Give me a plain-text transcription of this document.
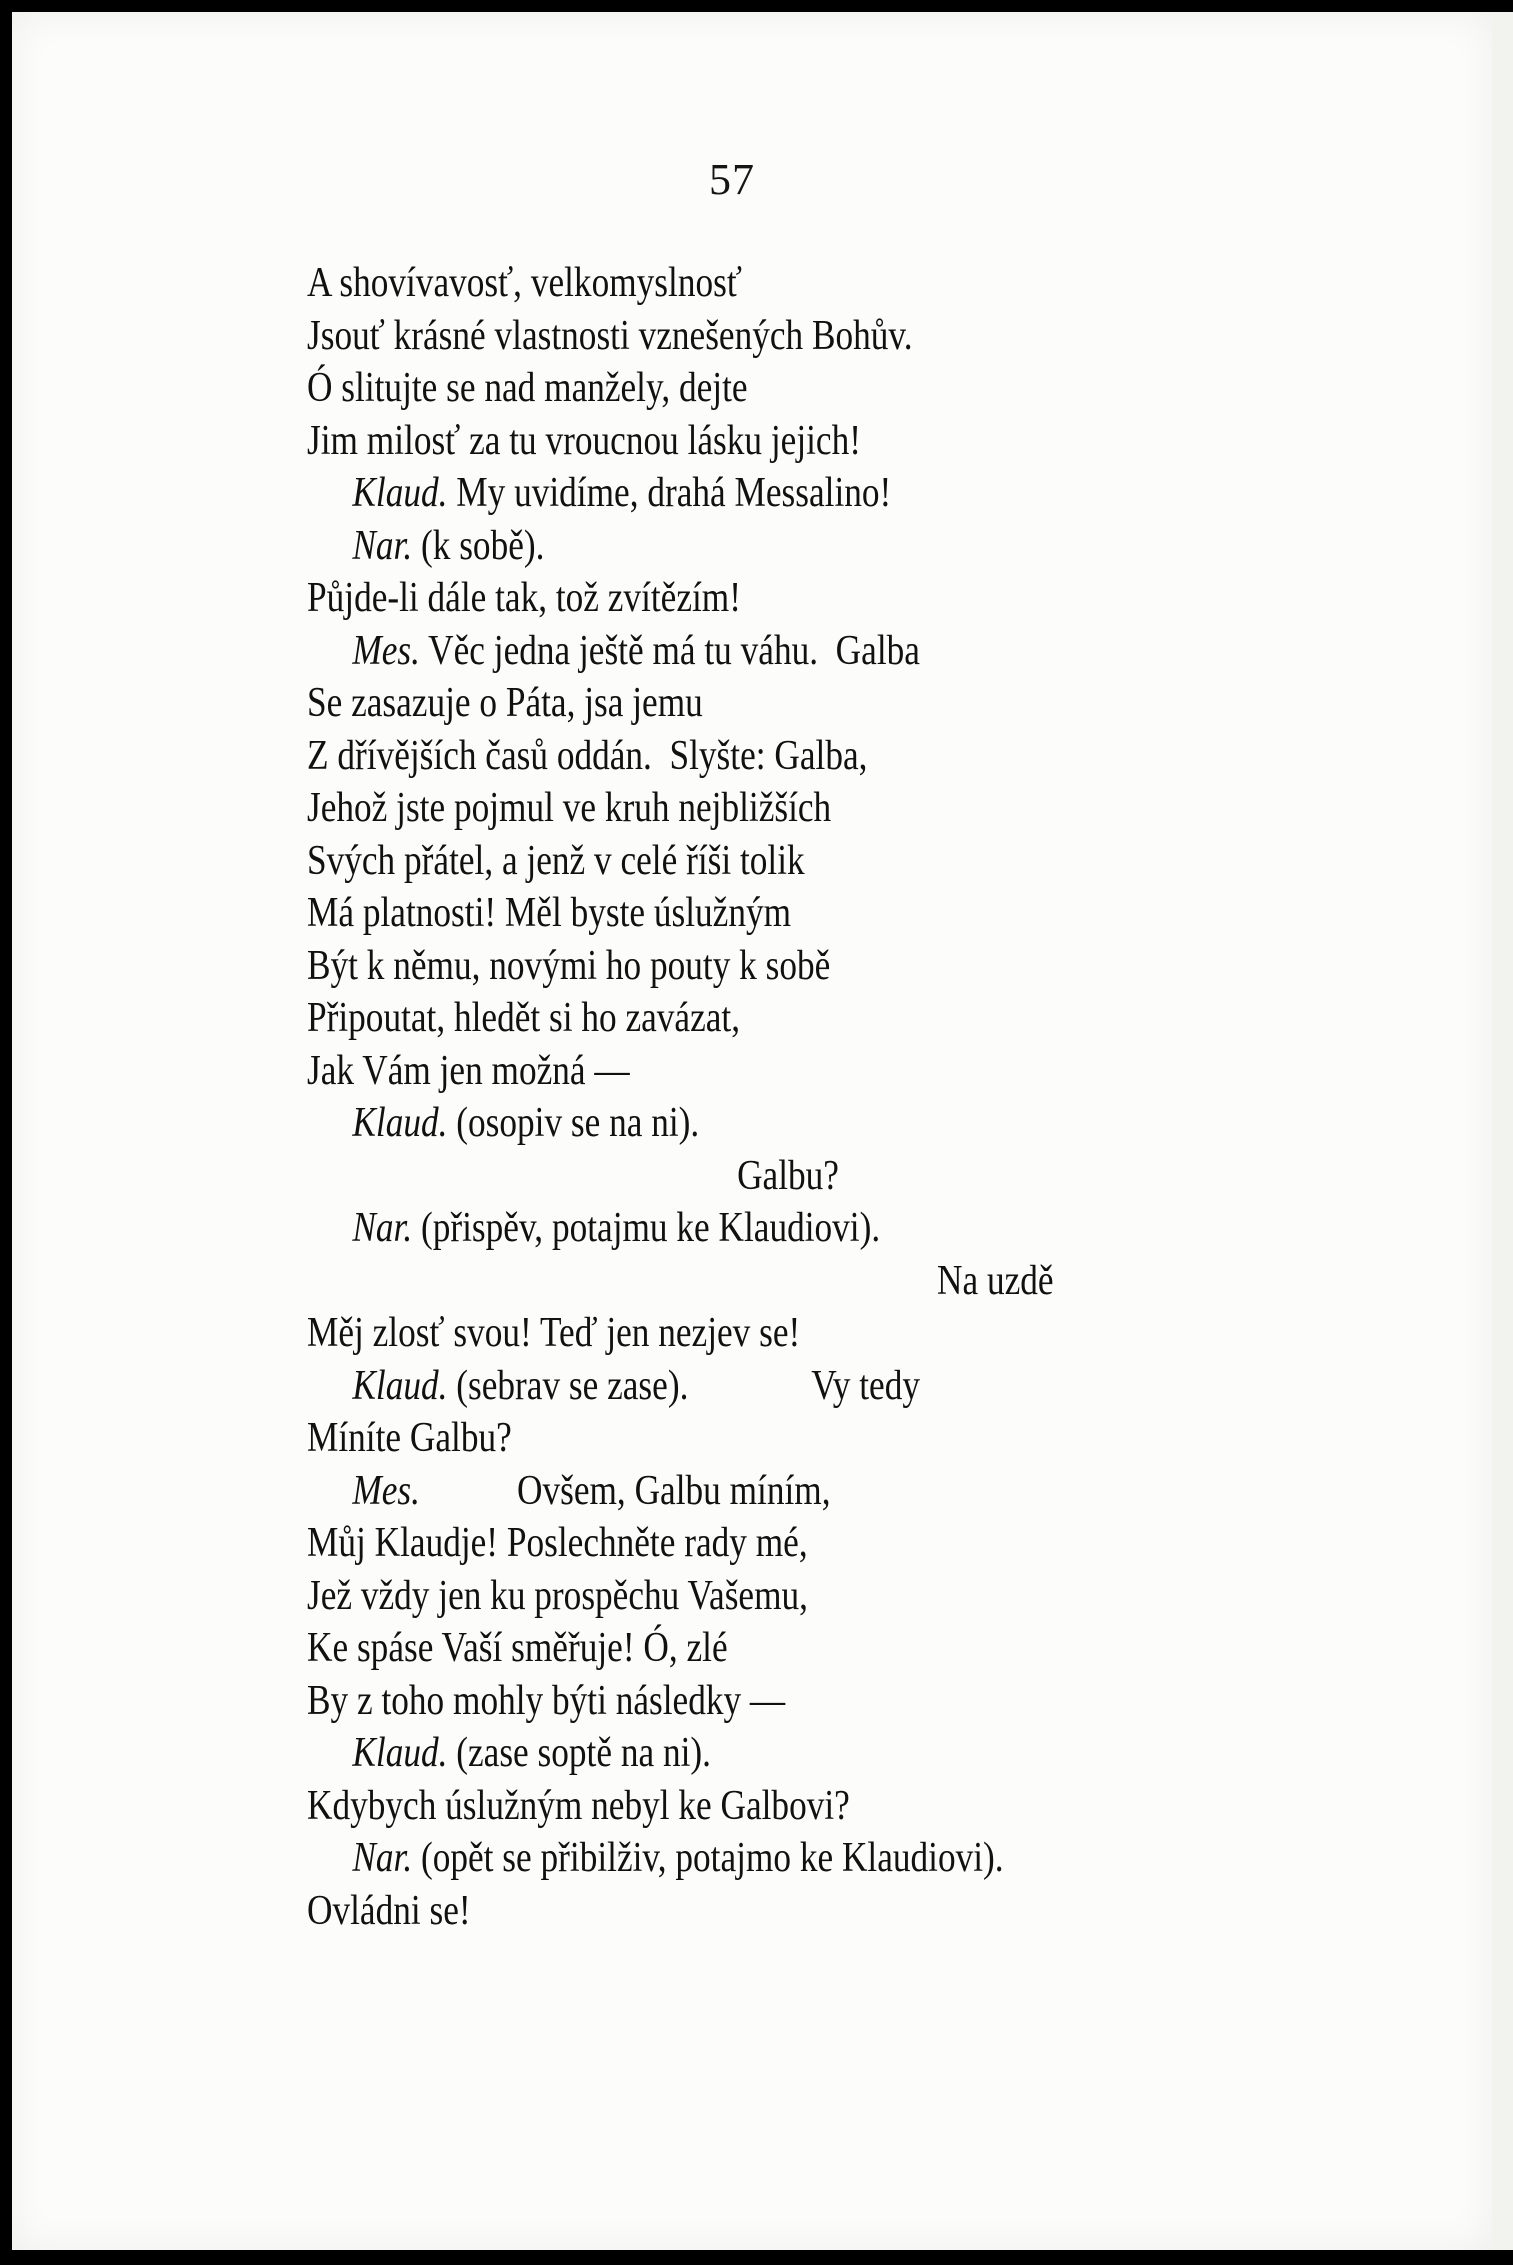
57
A shovívavosť, velkomyslnosť
Jsouť krásné vlastnosti vznešených Bohův.
Ó slitujte se nad manžely, dejte
Jim milosť za tu vroucnou lásku jejich!
Klaud. My uvidíme, drahá Messalino!
Nar. (k sobě).
Půjde-li dále tak, tož zvítězím!
Mes. Věc jedna ještě má tu váhu.  Galba
Se zasazuje o Páta, jsa jemu
Z dřívějších časů oddán.  Slyšte: Galba,
Jehož jste pojmul ve kruh nejbližších
Svých přátel, a jenž v celé říši tolik
Má platnosti! Měl byste úslužným
Být k němu, novými ho pouty k sobě
Připoutat, hledět si ho zavázat,
Jak Vám jen možná —
Klaud. (osopiv se na ni).
Galbu?
Nar. (přispěv, potajmu ke Klaudiovi).
Na uzdě
Měj zlosť svou! Teď jen nezjev se!
Klaud. (sebrav se zase).              Vy tedy
Míníte Galbu?
Mes.           Ovšem, Galbu míním,
Můj Klaudje! Poslechněte rady mé,
Jež vždy jen ku prospěchu Vašemu,
Ke spáse Vaší směřuje! Ó, zlé
By z toho mohly býti následky —
Klaud. (zase soptě na ni).
Kdybych úslužným nebyl ke Galbovi?
Nar. (opět se přibilživ, potajmo ke Klaudiovi).
Ovládni se!
